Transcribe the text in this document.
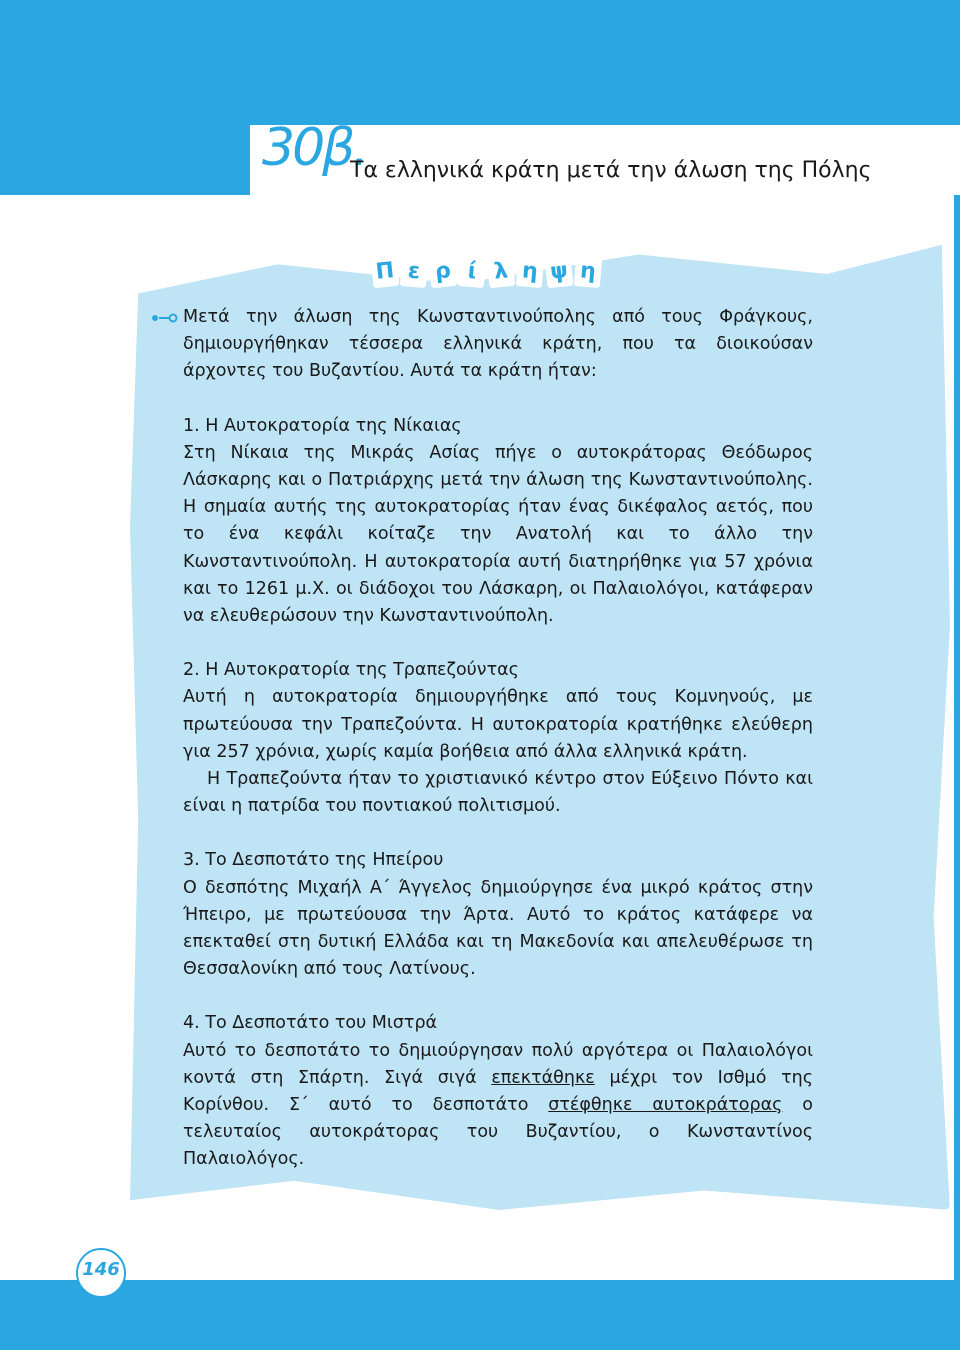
30β.
Τα ελληνικά κράτη μετά την άλωση της Πόλης
Π ε ρ ί λ η ψ η

Μετά την άλωση της Κωνσταντινούπολης από τους Φράγκους, δημιουργήθηκαν τέσσερα ελληνικά κράτη, που τα διοικούσαν άρχοντες του Βυζαντίου. Αυτά τα κράτη ήταν:

1. Η Αυτοκρατορία της Νίκαιας

Στη Νίκαια της Μικράς Ασίας πήγε ο αυτοκράτορας Θεόδωρος Λάσκαρης και ο Πατριάρχης μετά την άλωση της Κωνσταντινούπολης. Η σημαία αυτής της αυτοκρατορίας ήταν ένας δικέφαλος αετός, που το ένα κεφάλι κοίταζε την Ανατολή και το άλλο την Κωνσταντινούπολη. Η αυτοκρατορία αυτή διατηρήθηκε για 57 χρόνια και το 1261 μ.Χ. οι διάδοχοι του Λάσκαρη, οι Παλαιολόγοι, κατάφεραν να ελευθερώσουν την Κωνσταντινούπολη.

2. Η Αυτοκρατορία της Τραπεζούντας

Αυτή η αυτοκρατορία δημιουργήθηκε από τους Κομνηνούς, με πρωτεύουσα την Τραπεζούντα. Η αυτοκρατορία κρατήθηκε ελεύθερη για 257 χρόνια, χωρίς καμία βοήθεια από άλλα ελληνικά κράτη.

Η Τραπεζούντα ήταν το χριστιανικό κέντρο στον Εύξεινο Πόντο και είναι η πατρίδα του ποντιακού πολιτισμού.

3. Το Δεσποτάτο της Ηπείρου

Ο δεσπότης Μιχαήλ Α΄ Άγγελος δημιούργησε ένα μικρό κράτος στην Ήπειρο, με πρωτεύουσα την Άρτα. Αυτό το κράτος κατάφερε να επεκταθεί στη δυτική Ελλάδα και τη Μακεδονία και απελευθέρωσε τη Θεσσαλονίκη από τους Λατίνους.

4. Το Δεσποτάτο του Μιστρά

Αυτό το δεσποτάτο το δημιούργησαν πολύ αργότερα οι Παλαιολόγοι κοντά στη Σπάρτη. Σιγά σιγά επεκτάθηκε μέχρι τον Ισθμό της Κορίνθου. Σ΄ αυτό το δεσποτάτο στέφθηκε αυτοκράτορας ο τελευταίος αυτοκράτορας του Βυζαντίου, ο Κωνσταντίνος Παλαιολόγος.

146
